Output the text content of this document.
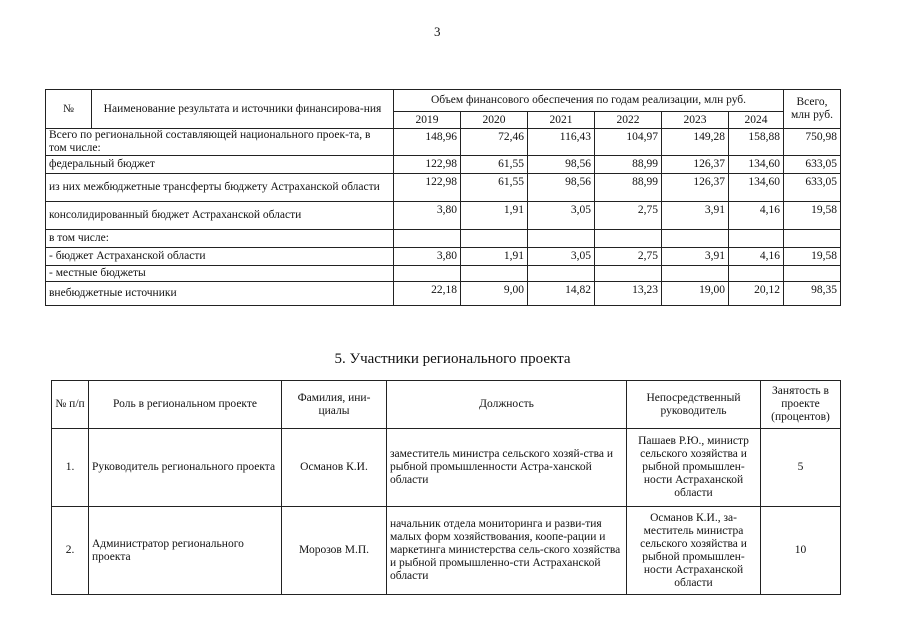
3
№	Наименование результата и источники финансирова-ния	Объем финансового обеспечения по годам реализации, млн руб.						Всего, млн руб.
		2019	2020	2021	2022	2023	2024	
Всего по региональной составляющей национального проек-та, в том числе:		148,96	72,46	116,43	104,97	149,28	158,88	750,98
федеральный бюджет		122,98	61,55	98,56	88,99	126,37	134,60	633,05
из них межбюджетные трансферты бюджету Астраханской области		122,98	61,55	98,56	88,99	126,37	134,60	633,05
консолидированный бюджет Астраханской области		3,80	1,91	3,05	2,75	3,91	4,16	19,58
в том числе:								
- бюджет Астраханской области		3,80	1,91	3,05	2,75	3,91	4,16	19,58
- местные бюджеты								
внебюджетные источники		22,18	9,00	14,82	13,23	19,00	20,12	98,35
5. Участники регионального проекта
№ п/п	Роль в региональном проекте	Фамилия, ини-циалы	Должность	Непосредственный руководитель	Занятость в проекте (процентов)
1.	Руководитель регионального проекта	Османов К.И.	заместитель министра сельского хозяй-ства и рыбной промышленности Астра-ханской области	Пашаев Р.Ю., министр сельского хозяйства и рыбной промышлен-ности Астраханской области	5
2.	Администратор регионального проекта	Морозов М.П.	начальник отдела мониторинга и разви-тия малых форм хозяйствования, коопе-рации и маркетинга министерства сель-ского хозяйства и рыбной промышленно-сти Астраханской области	Османов К.И., за-меститель министра сельского хозяйства и рыбной промышлен-ности Астраханской области	10
